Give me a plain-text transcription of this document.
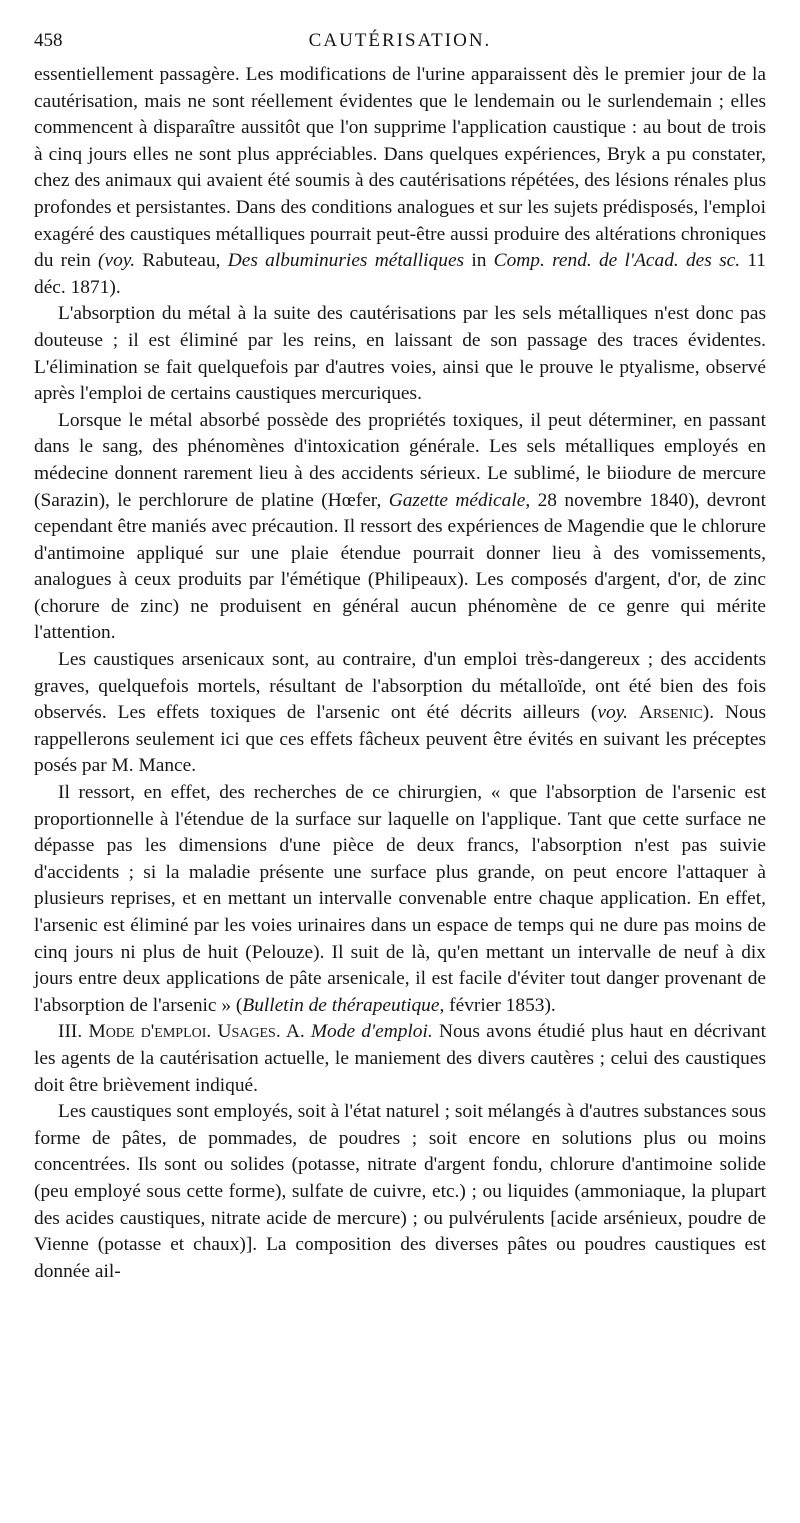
458	CAUTÉRISATION.

essentiellement passagère. Les modifications de l'urine apparaissent dès le premier jour de la cautérisation, mais ne sont réellement évidentes que le lendemain ou le surlendemain ; elles commencent à disparaître aussitôt que l'on supprime l'application caustique : au bout de trois à cinq jours elles ne sont plus appréciables. Dans quelques expériences, Bryk a pu constater, chez des animaux qui avaient été soumis à des cautérisations répétées, des lésions rénales plus profondes et persistantes. Dans des conditions analogues et sur les sujets prédisposés, l'emploi exagéré des caustiques métalliques pourrait peut-être aussi produire des altérations chroniques du rein (voy. Rabuteau, Des albuminuries métalliques in Comp. rend. de l'Acad. des sc. 11 déc. 1871).

L'absorption du métal à la suite des cautérisations par les sels métalliques n'est donc pas douteuse ; il est éliminé par les reins, en laissant de son passage des traces évidentes. L'élimination se fait quelquefois par d'autres voies, ainsi que le prouve le ptyalisme, observé après l'emploi de certains caustiques mercuriques.

Lorsque le métal absorbé possède des propriétés toxiques, il peut déterminer, en passant dans le sang, des phénomènes d'intoxication générale. Les sels métalliques employés en médecine donnent rarement lieu à des accidents sérieux. Le sublimé, le biiodure de mercure (Sarazin), le perchlorure de platine (Hœfer, Gazette médicale, 28 novembre 1840), devront cependant être maniés avec précaution. Il ressort des expériences de Magendie que le chlorure d'antimoine appliqué sur une plaie étendue pourrait donner lieu à des vomissements, analogues à ceux produits par l'émétique (Philipeaux). Les composés d'argent, d'or, de zinc (chorure de zinc) ne produisent en général aucun phénomène de ce genre qui mérite l'attention.

Les caustiques arsenicaux sont, au contraire, d'un emploi très-dangereux ; des accidents graves, quelquefois mortels, résultant de l'absorption du métalloïde, ont été bien des fois observés. Les effets toxiques de l'arsenic ont été décrits ailleurs (voy. Arsenic). Nous rappellerons seulement ici que ces effets fâcheux peuvent être évités en suivant les préceptes posés par M. Mance.

Il ressort, en effet, des recherches de ce chirurgien, « que l'absorption de l'arsenic est proportionnelle à l'étendue de la surface sur laquelle on l'applique. Tant que cette surface ne dépasse pas les dimensions d'une pièce de deux francs, l'absorption n'est pas suivie d'accidents ; si la maladie présente une surface plus grande, on peut encore l'attaquer à plusieurs reprises, et en mettant un intervalle convenable entre chaque application. En effet, l'arsenic est éliminé par les voies urinaires dans un espace de temps qui ne dure pas moins de cinq jours ni plus de huit (Pelouze). Il suit de là, qu'en mettant un intervalle de neuf à dix jours entre deux applications de pâte arsenicale, il est facile d'éviter tout danger provenant de l'absorption de l'arsenic » (Bulletin de thérapeutique, février 1853).

III. Mode d'emploi. Usages. A. Mode d'emploi. Nous avons étudié plus haut en décrivant les agents de la cautérisation actuelle, le maniement des divers cautères ; celui des caustiques doit être brièvement indiqué.

Les caustiques sont employés, soit à l'état naturel ; soit mélangés à d'autres substances sous forme de pâtes, de pommades, de poudres ; soit encore en solutions plus ou moins concentrées. Ils sont ou solides (potasse, nitrate d'argent fondu, chlorure d'antimoine solide (peu employé sous cette forme), sulfate de cuivre, etc.) ; ou liquides (ammoniaque, la plupart des acides caustiques, nitrate acide de mercure) ; ou pulvérulents [acide arsénieux, poudre de Vienne (potasse et chaux)]. La composition des diverses pâtes ou poudres caustiques est donnée ail-
